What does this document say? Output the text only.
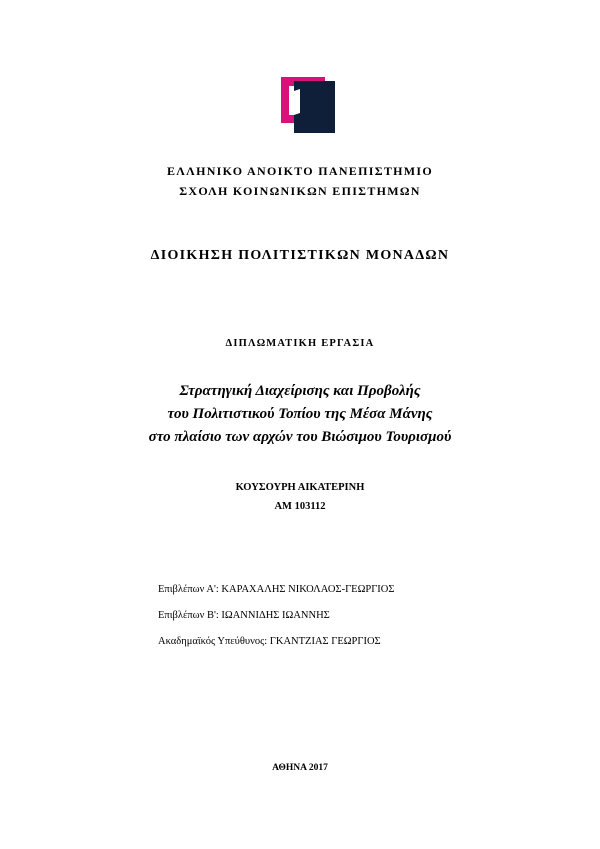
ΕΛΛΗΝΙΚΟ ΑΝΟΙΚΤΟ ΠΑΝΕΠΙΣΤΗΜΙΟ
ΣΧΟΛΗ ΚΟΙΝΩΝΙΚΩΝ ΕΠΙΣΤΗΜΩΝ
ΔΙΟΙΚΗΣΗ ΠΟΛΙΤΙΣΤΙΚΩΝ ΜΟΝΑΔΩΝ
ΔΙΠΛΩΜΑΤΙΚΗ ΕΡΓΑΣΙΑ
Στρατηγική Διαχείρισης και Προβολής
του Πολιτιστικού Τοπίου της Μέσα Μάνης
στο πλαίσιο των αρχών του Βιώσιμου Τουρισμού
ΚΟΥΣΟΥΡΗ ΑΙΚΑΤΕΡΙΝΗ
ΑΜ 103112
Επιβλέπων Α': ΚΑΡΑΧΑΛΗΣ ΝΙΚΟΛΑΟΣ-ΓΕΩΡΓΙΟΣ
Επιβλέπων Β': ΙΩΑΝΝΙΔΗΣ ΙΩΑΝΝΗΣ
Ακαδημαϊκός Υπεύθυνος: ΓΚΑΝΤΖΙΑΣ ΓΕΩΡΓΙΟΣ
ΑΘΗΝΑ 2017
